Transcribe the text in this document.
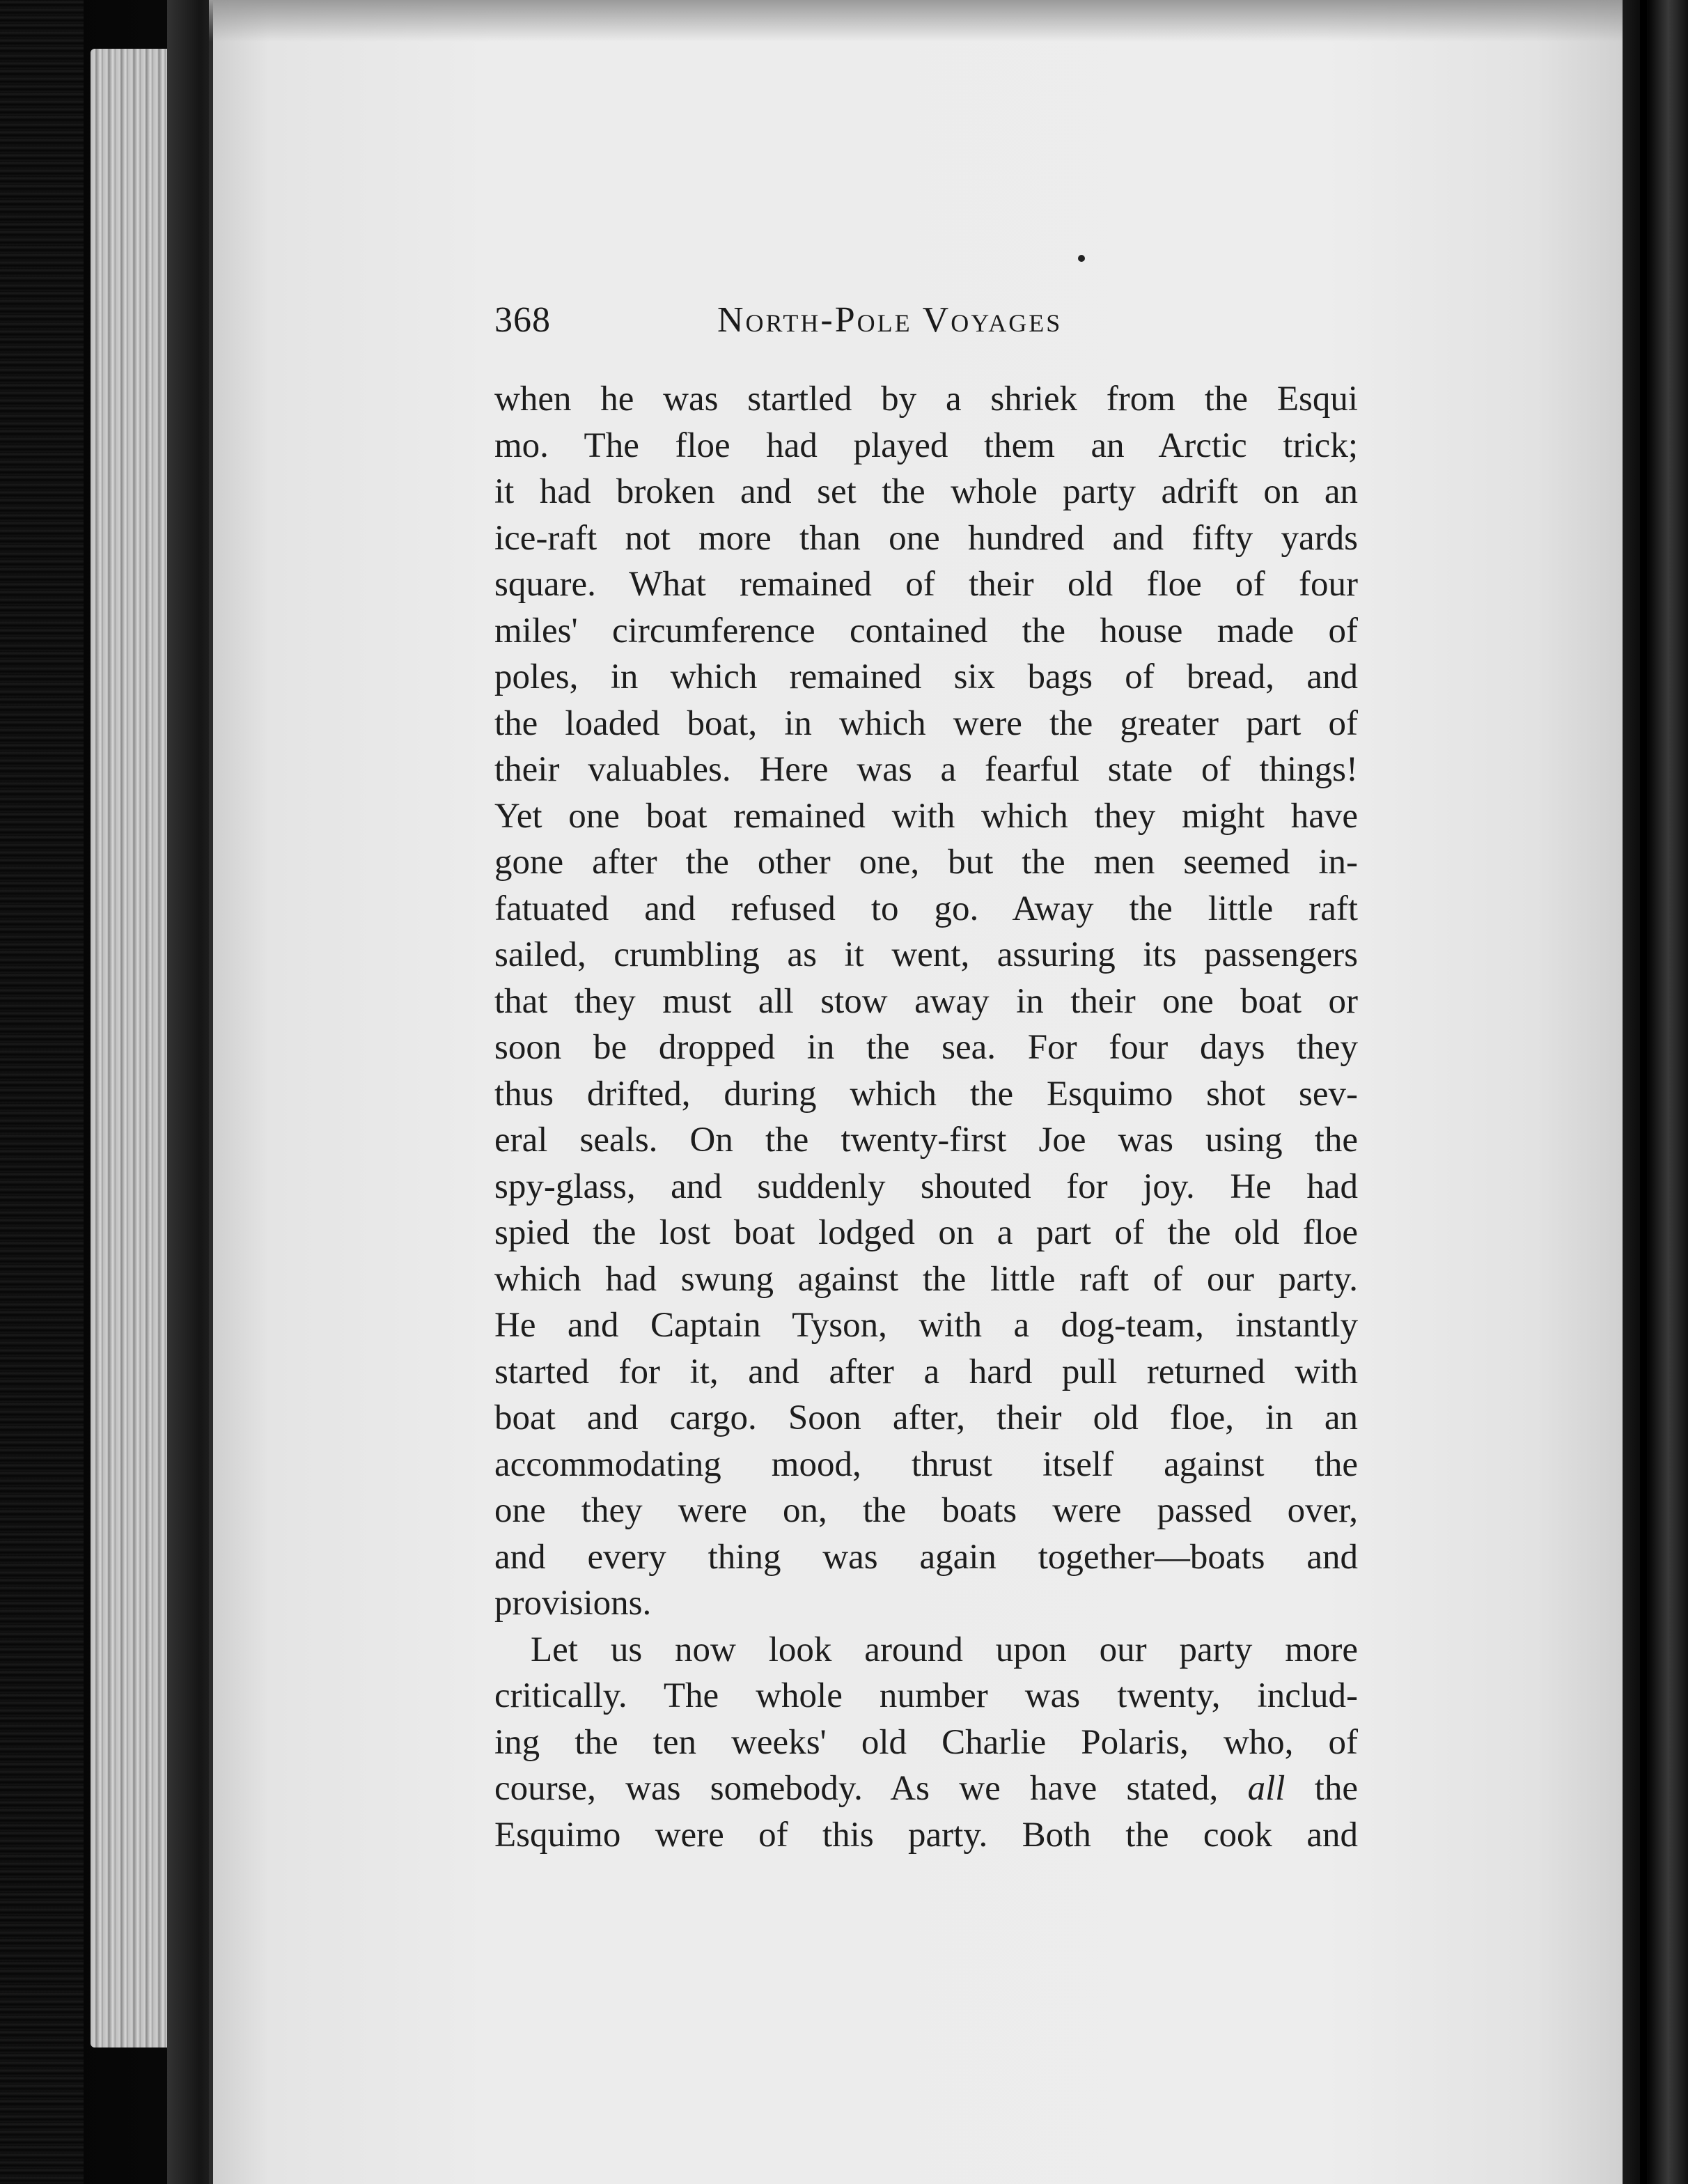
368	North-Pole Voyages
when he was startled by a shriek from the Esqui
mo. The floe had played them an Arctic trick;
it had broken and set the whole party adrift on an
ice-raft not more than one hundred and fifty yards
square. What remained of their old floe of four
miles' circumference contained the house made of
poles, in which remained six bags of bread, and
the loaded boat, in which were the greater part of
their valuables. Here was a fearful state of things!
Yet one boat remained with which they might have
gone after the other one, but the men seemed in-
fatuated and refused to go. Away the little raft
sailed, crumbling as it went, assuring its passengers
that they must all stow away in their one boat or
soon be dropped in the sea. For four days they
thus drifted, during which the Esquimo shot sev-
eral seals. On the twenty-first Joe was using the
spy-glass, and suddenly shouted for joy. He had
spied the lost boat lodged on a part of the old floe
which had swung against the little raft of our party.
He and Captain Tyson, with a dog-team, instantly
started for it, and after a hard pull returned with
boat and cargo. Soon after, their old floe, in an
accommodating mood, thrust itself against the
one they were on, the boats were passed over,
and every thing was again together—boats and
provisions.
Let us now look around upon our party more
critically. The whole number was twenty, includ-
ing the ten weeks' old Charlie Polaris, who, of
course, was somebody. As we have stated, all the
Esquimo were of this party. Both the cook and
